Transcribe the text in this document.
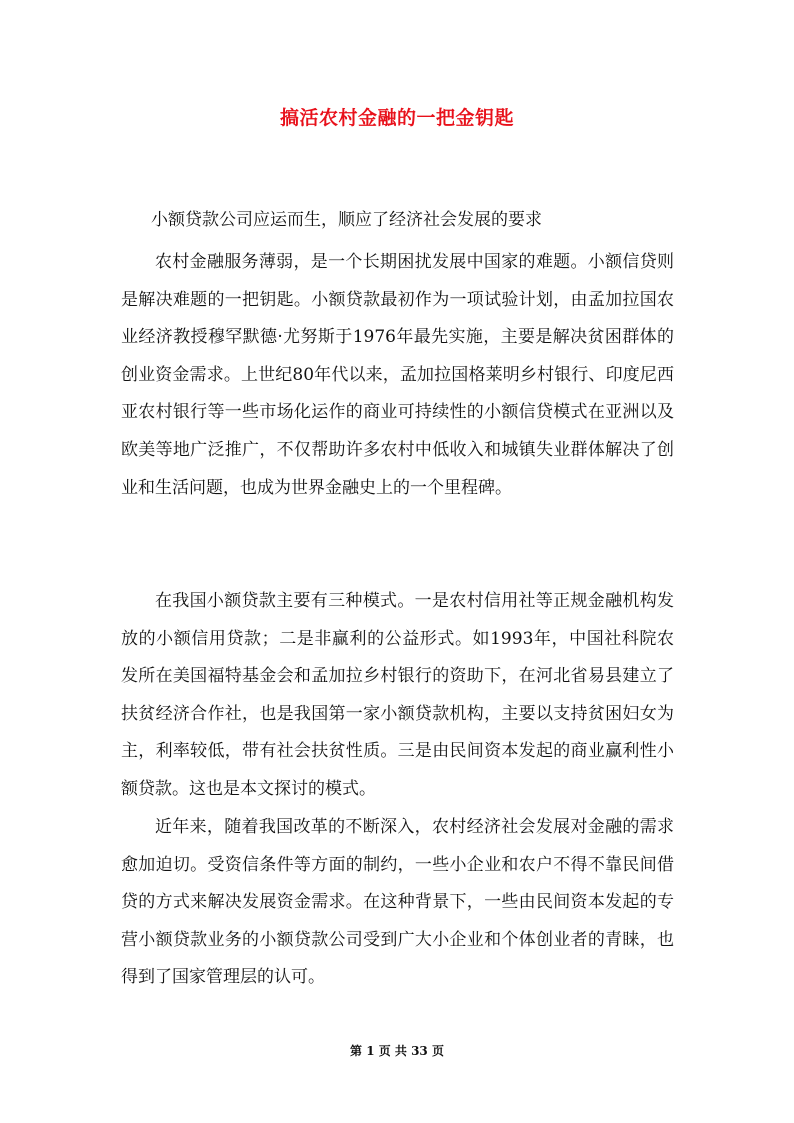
搞活农村金融的一把金钥匙
小额贷款公司应运而生，顺应了经济社会发展的要求

农村金融服务薄弱，是一个长期困扰发展中国家的难题。小额信贷则是解决难题的一把钥匙。小额贷款最初作为一项试验计划，由孟加拉国农业经济教授穆罕默德·尤努斯于1976年最先实施，主要是解决贫困群体的创业资金需求。上世纪80年代以来，孟加拉国格莱明乡村银行、印度尼西亚农村银行等一些市场化运作的商业可持续性的小额信贷模式在亚洲以及欧美等地广泛推广，不仅帮助许多农村中低收入和城镇失业群体解决了创业和生活问题，也成为世界金融史上的一个里程碑。

在我国小额贷款主要有三种模式。一是农村信用社等正规金融机构发放的小额信用贷款；二是非赢利的公益形式。如1993年，中国社科院农发所在美国福特基金会和孟加拉乡村银行的资助下，在河北省易县建立了扶贫经济合作社，也是我国第一家小额贷款机构，主要以支持贫困妇女为主，利率较低，带有社会扶贫性质。三是由民间资本发起的商业赢利性小额贷款。这也是本文探讨的模式。

近年来，随着我国改革的不断深入，农村经济社会发展对金融的需求愈加迫切。受资信条件等方面的制约，一些小企业和农户不得不靠民间借贷的方式来解决发展资金需求。在这种背景下，一些由民间资本发起的专营小额贷款业务的小额贷款公司受到广大小企业和个体创业者的青睐，也得到了国家管理层的认可。

第 1 页 共 33 页
